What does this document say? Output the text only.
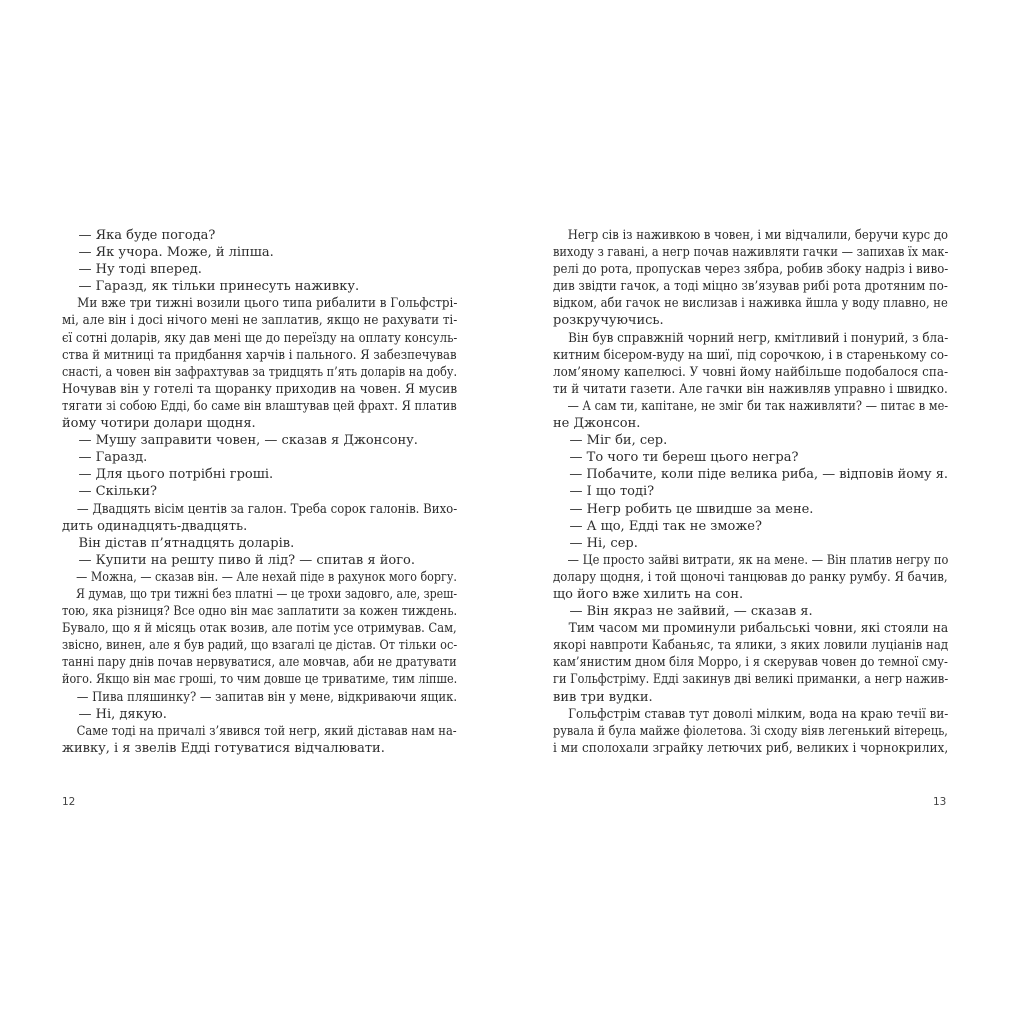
— Яка буде погода?

— Як учора. Може, й ліпша.

— Ну тоді вперед.

— Гаразд, як тільки принесуть наживку.

Ми вже три тижні возили цього типа рибалити в Гольфстрі-

мі, але він і досі нічого мені не заплатив, якщо не рахувати ті-

єї сотні доларів, яку дав мені ще до переїзду на оплату консуль-

ства й митниці та придбання харчів і пального. Я забезпечував

снасті, а човен він зафрахтував за тридцять п’ять доларів на добу.

Ночував він у готелі та щоранку приходив на човен. Я мусив

тягати зі собою Едді, бо саме він влаштував цей фрахт. Я платив

йому чотири долари щодня.

— Мушу заправити човен, — сказав я Джонсону.

— Гаразд.

— Для цього потрібні гроші.

— Скільки?

— Двадцять вісім центів за галон. Треба сорок галонів. Вихо-

дить одинадцять-двадцять.

Він дістав п’ятнадцять доларів.

— Купити на решту пиво й лід? — спитав я його.

— Можна, — сказав він. — Але нехай піде в рахунок мого боргу.

Я думав, що три тижні без платні — це трохи задовго, але, зреш-

тою, яка різниця? Все одно він має заплатити за кожен тиждень.

Бувало, що я й місяць отак возив, але потім усе отримував. Сам,

звісно, винен, але я був радий, що взагалі це дістав. От тільки ос-

танні пару днів почав нервуватися, але мовчав, аби не дратувати

його. Якщо він має гроші, то чим довше це триватиме, тим ліпше.

— Пива пляшинку? — запитав він у мене, відкриваючи ящик.

— Ні, дякую.

Саме тоді на причалі з’явився той негр, який діставав нам на-

живку, і я звелів Едді готуватися відчалювати.

12

Негр сів із наживкою в човен, і ми відчалили, беручи курс до

виходу з гавані, а негр почав наживляти гачки — запихав їх мак-

релі до рота, пропускав через зябра, робив збоку надріз і виво-

див звідти гачок, а тоді міцно зв’язував рибі рота дротяним по-

відком, аби гачок не вислизав і наживка йшла у воду плавно, не

розкручуючись.

Він був справжній чорний негр, кмітливий і понурий, з бла-

китним бісером-вуду на шиї, під сорочкою, і в старенькому со-

лом’яному капелюсі. У човні йому найбільше подобалося спа-

ти й читати газети. Але гачки він наживляв управно і швидко.

— А сам ти, капітане, не зміг би так наживляти? — питає в ме-

не Джонсон.

— Міг би, сер.

— То чого ти береш цього негра?

— Побачите, коли піде велика риба, — відповів йому я.

— І що тоді?

— Негр робить це швидше за мене.

— А що, Едді так не зможе?

— Ні, сер.

— Це просто зайві витрати, як на мене. — Він платив негру по

долару щодня, і той щоночі танцював до ранку румбу. Я бачив,

що його вже хилить на сон.

— Він якраз не зайвий, — сказав я.

Тим часом ми проминули рибальські човни, які стояли на

якорі навпроти Кабаньяс, та ялики, з яких ловили луціанів над

кам’янистим дном біля Морро, і я скерував човен до темної сму-

ги Гольфстріму. Едді закинув дві великі приманки, а негр нажив-

вив три вудки.

Гольфстрім ставав тут доволі мілким, вода на краю течії ви-

рувала й була майже фіолетова. Зі сходу віяв легенький вітерець,

і ми сполохали зграйку летючих риб, великих і чорнокрилих,

13
